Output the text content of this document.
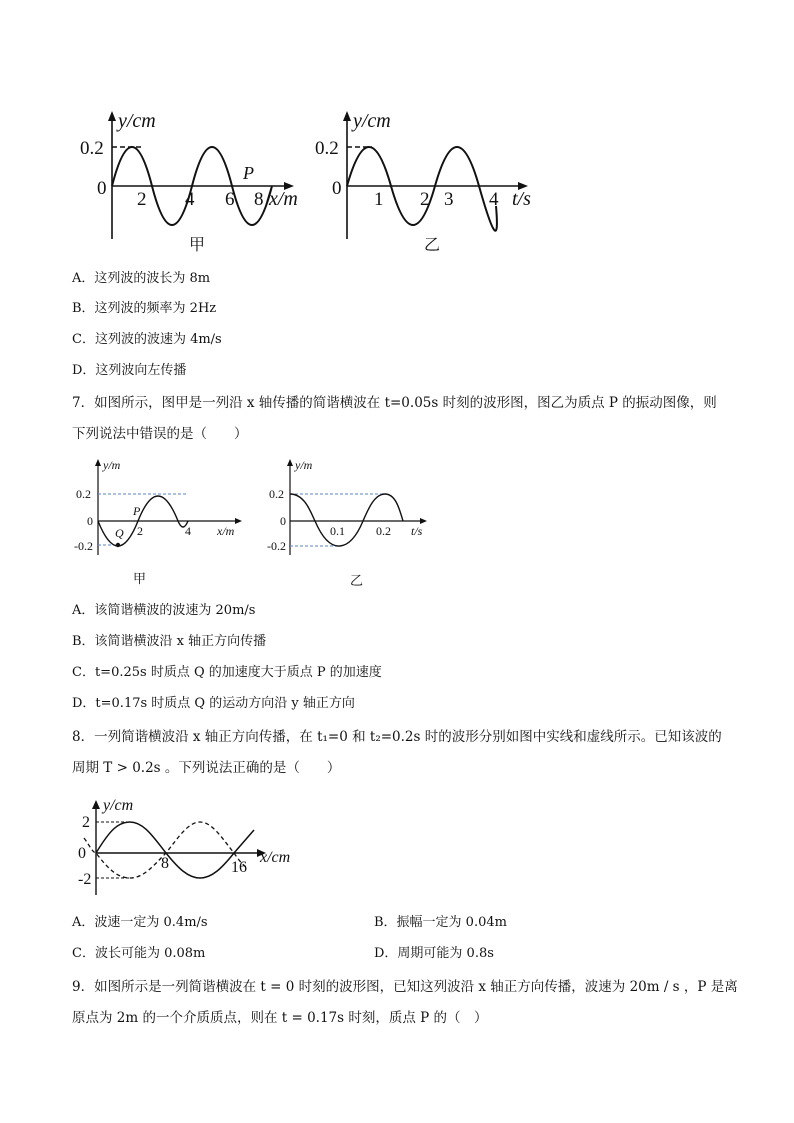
y/cm
0.2
0
2 4 6 8 x/m
P
甲
y/cm
0.2
0
1 2 3 4 t/s
乙
A．这列波的波长为 8m
B．这列波的频率为 2Hz
C．这列波的波速为 4m/s
D．这列波向左传播
7．如图所示，图甲是一列沿 x 轴传播的简谐横波在 t=0.05s 时刻的波形图，图乙为质点 P 的振动图像，则
下列说法中错误的是（　　）
y/m
0.2
0
-0.2
Q
P
2	4 x/m
甲
y/m
0.2
0
-0.2
0.1	0.2 t/s
乙
A．该简谐横波的波速为 20m/s
B．该简谐横波沿 x 轴正方向传播
C．t=0.25s 时质点 Q 的加速度大于质点 P 的加速度
D．t=0.17s 时质点 Q 的运动方向沿 y 轴正方向
8．一列简谐横波沿 x 轴正方向传播，在 t₁=0 和 t₂=0.2s 时的波形分别如图中实线和虚线所示。已知该波的
周期 T > 0.2s 。下列说法正确的是（　　）
y/cm
2
0
-2
8	16
x/cm
A．波速一定为 0.4m/s	B．振幅一定为 0.04m
C．波长可能为 0.08m	D．周期可能为 0.8s
9．如图所示是一列简谐横波在 t = 0 时刻的波形图，已知这列波沿 x 轴正方向传播，波速为 20m / s ，P 是离
原点为 2m 的一个介质质点，则在 t = 0.17s 时刻，质点 P 的（　）
